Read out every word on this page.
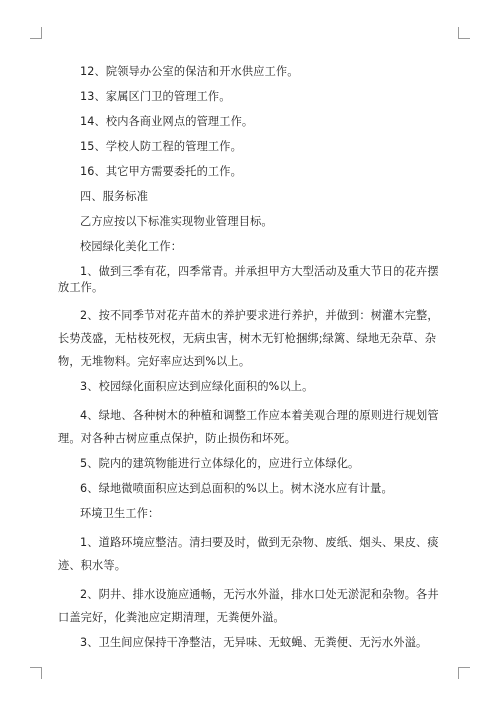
12、院领导办公室的保洁和开水供应工作。

13、家属区门卫的管理工作。

14、校内各商业网点的管理工作。

15、学校人防工程的管理工作。

16、其它甲方需要委托的工作。

四、服务标准

乙方应按以下标准实现物业管理目标。

校园绿化美化工作：

1、做到三季有花，四季常青。并承担甲方大型活动及重大节日的花卉摆放工作。

2、按不同季节对花卉苗木的养护要求进行养护，并做到：树灌木完整，长势茂盛，无枯枝死杈，无病虫害，树木无钉枪捆绑;绿篱、绿地无杂草、杂物，无堆物料。完好率应达到%以上。

3、校园绿化面积应达到应绿化面积的%以上。

4、绿地、各种树木的种植和调整工作应本着美观合理的原则进行规划管理。对各种古树应重点保护，防止损伤和坏死。

5、院内的建筑物能进行立体绿化的，应进行立体绿化。

6、绿地微喷面积应达到总面积的%以上。树木浇水应有计量。

环境卫生工作：

1、道路环境应整洁。清扫要及时，做到无杂物、废纸、烟头、果皮、痰迹、积水等。

2、阴井、排水设施应通畅，无污水外溢，排水口处无淤泥和杂物。各井口盖完好，化粪池应定期清理，无粪便外溢。

3、卫生间应保持干净整洁，无异味、无蚊蝇、无粪便、无污水外溢。
